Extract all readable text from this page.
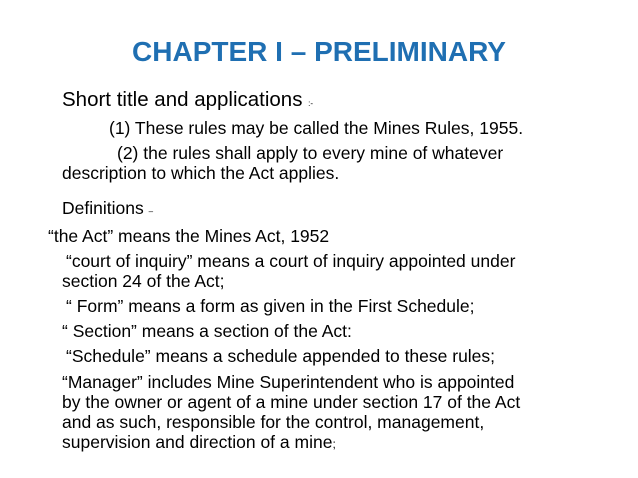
CHAPTER I – PRELIMINARY
Short title and applications :-
(1) These rules may be called the Mines Rules, 1955.
(2) the rules shall apply to every mine of whatever
description to which the Act applies.
Definitions –
“the Act” means the Mines Act, 1952
“court of inquiry” means a court of inquiry appointed under
section 24 of the Act;
“ Form” means a form as given in the First Schedule;
“ Section” means a section of the Act:
“Schedule” means a schedule appended to these rules;
“Manager” includes Mine Superintendent who is appointed
by the owner or agent of a mine under section 17 of the Act
and as such, responsible for the control, management,
supervision and direction of a mine;
